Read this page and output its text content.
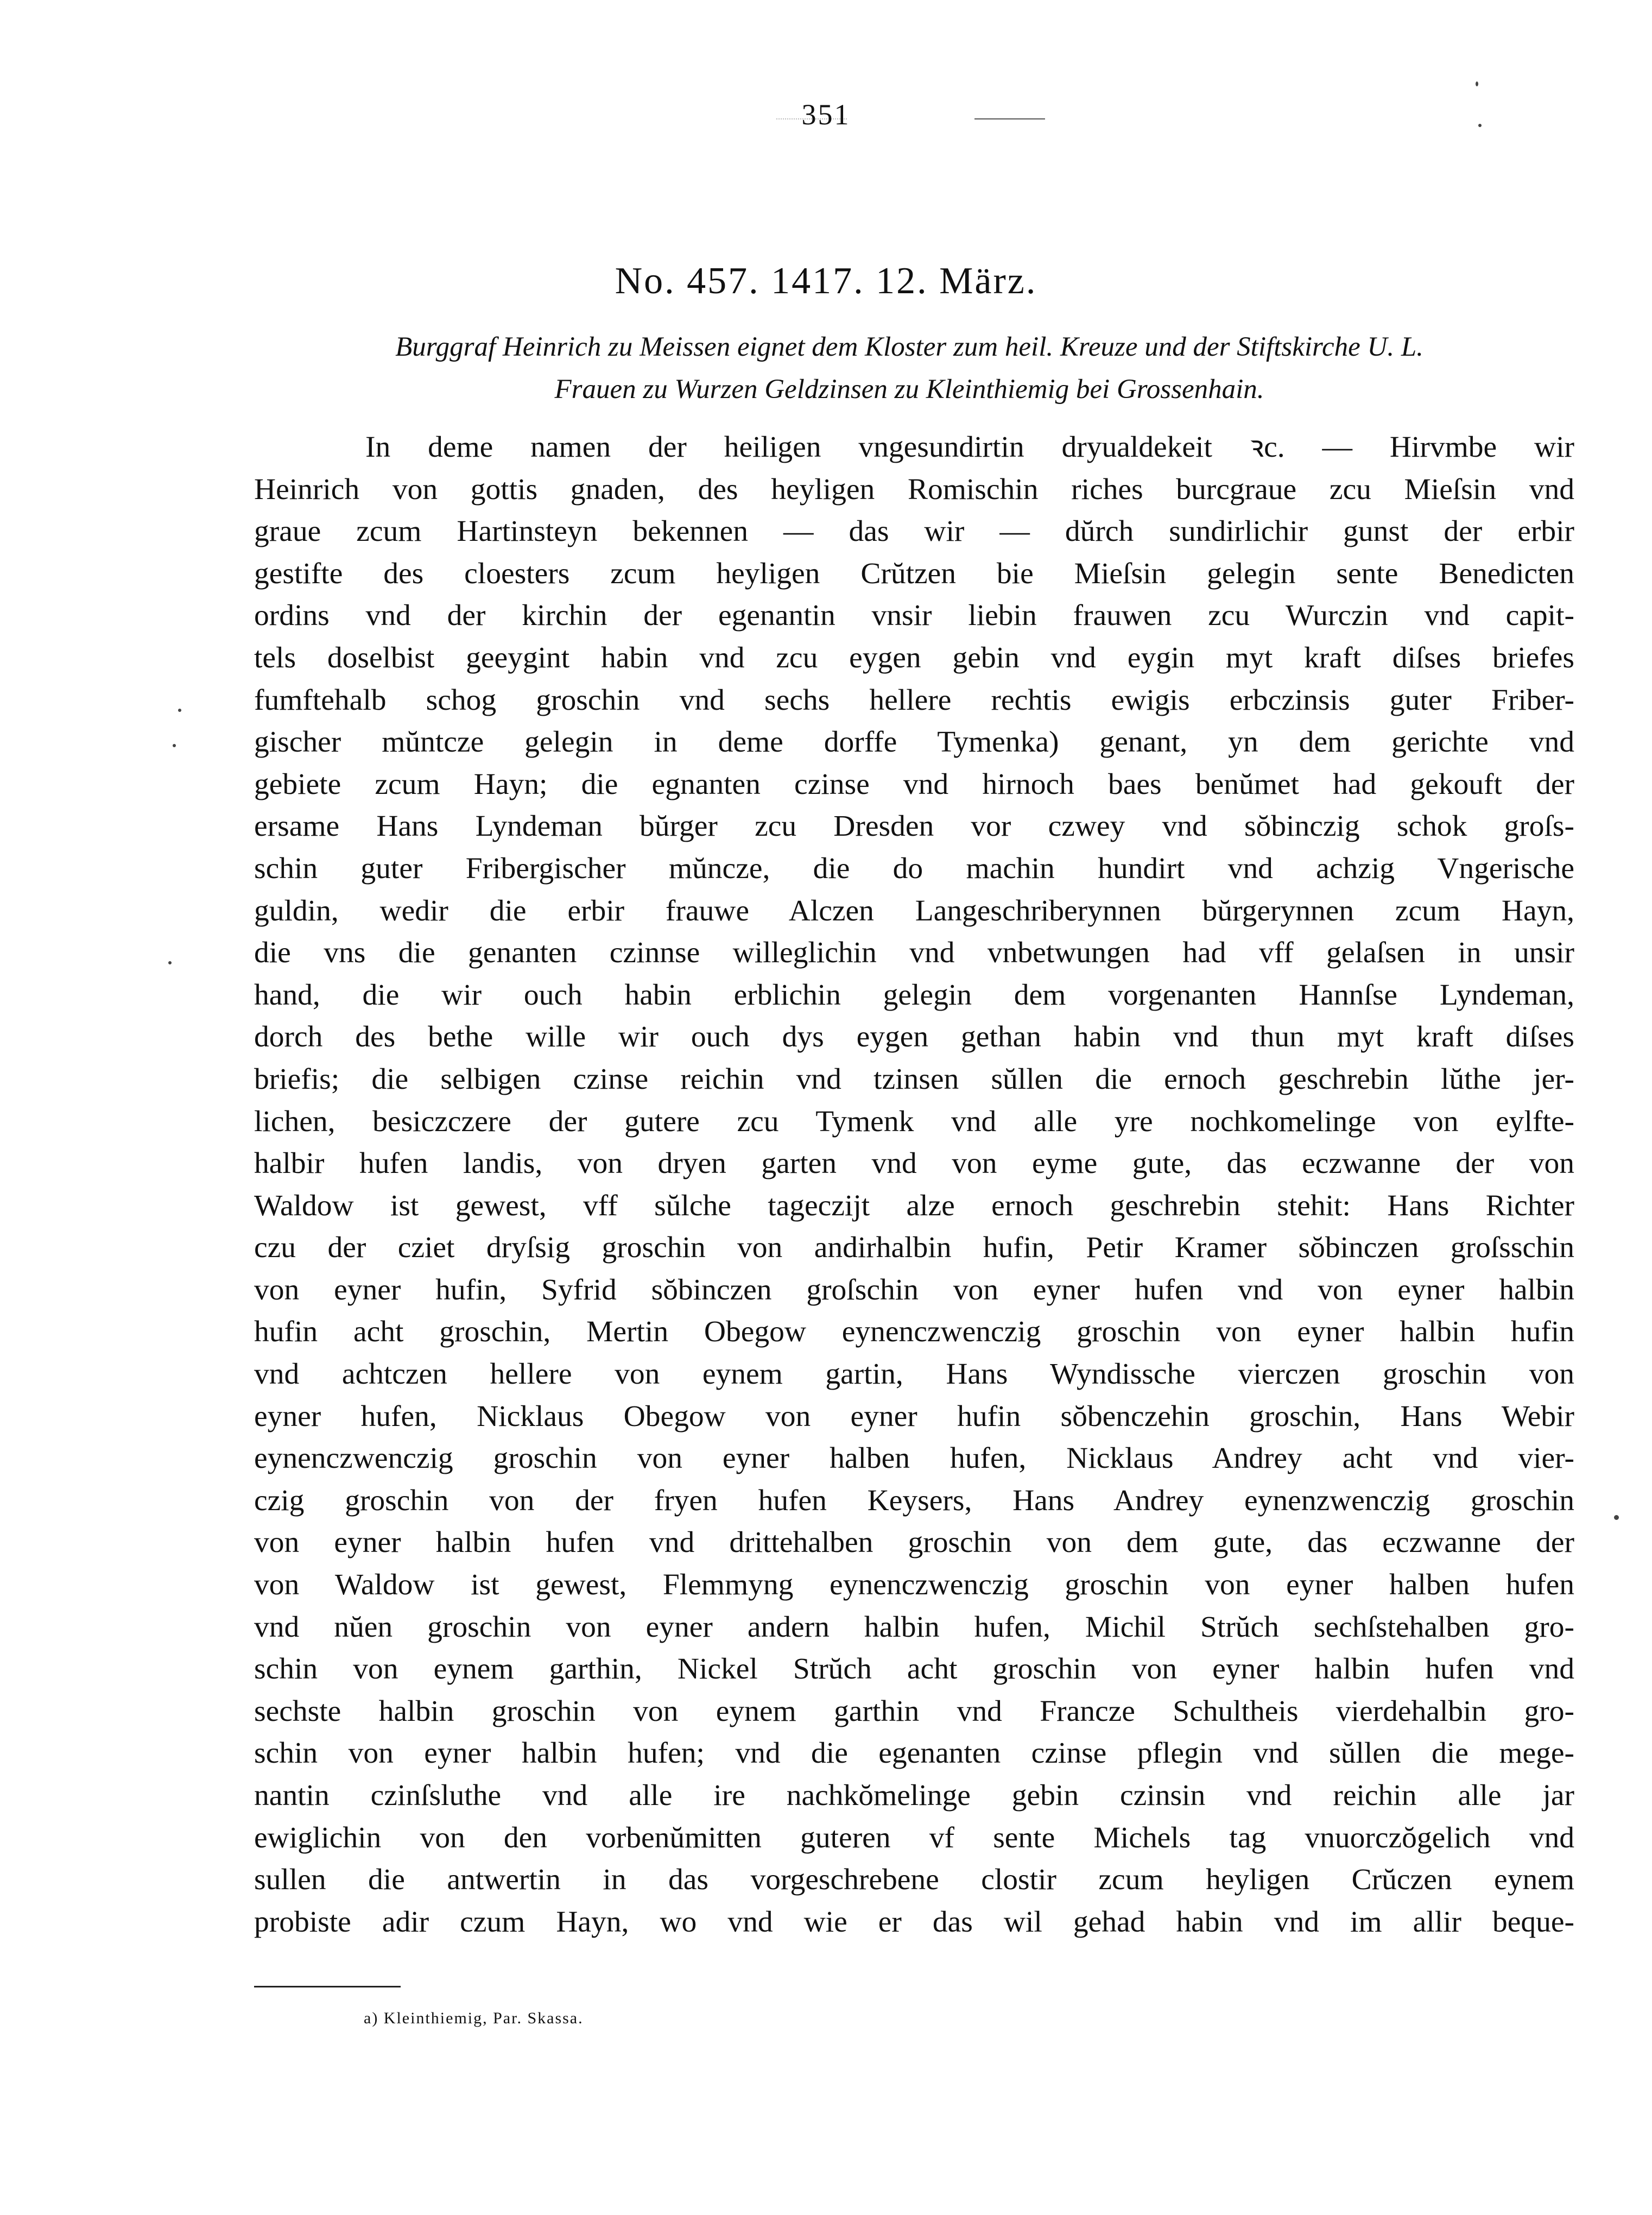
351
No. 457. 1417. 12. März.
Burggraf Heinrich zu Meissen eignet dem Kloster zum heil. Kreuze und der Stiftskirche U. L.
Frauen zu Wurzen Geldzinsen zu Kleinthiemig bei Grossenhain.
In deme namen der heiligen vngesundirtin dryualdekeit ꝛc. — Hirvmbe wir
Heinrich von gottis gnaden, des heyligen Romischin riches burcgraue zcu Mieſsin vnd
graue zcum Hartinsteyn bekennen — das wir — dŭrch sundirlichir gunst der erbir
gestifte des cloesters zcum heyligen Crŭtzen bie Mieſsin gelegin sente Benedicten
ordins vnd der kirchin der egenantin vnsir liebin frauwen zcu Wurczin vnd capit-
tels doselbist geeygint habin vnd zcu eygen gebin vnd eygin myt kraft diſses briefes
fumftehalb schog groschin vnd sechs hellere rechtis ewigis erbczinsis guter Friber-
gischer mŭntcze gelegin in deme dorffe Tymenka) genant, yn dem gerichte vnd
gebiete zcum Hayn; die egnanten czinse vnd hirnoch baes benŭmet had gekouft der
ersame Hans Lyndeman bŭrger zcu Dresden vor czwey vnd sŏbinczig schok groſs-
schin guter Fribergischer mŭncze, die do machin hundirt vnd achzig Vngerische
guldin, wedir die erbir frauwe Alczen Langeschriberynnen bŭrgerynnen zcum Hayn,
die vns die genanten czinnse willeglichin vnd vnbetwungen had vff gelaſsen in unsir
hand, die wir ouch habin erblichin gelegin dem vorgenanten Hannſse Lyndeman,
dorch des bethe wille wir ouch dys eygen gethan habin vnd thun myt kraft diſses
briefis; die selbigen czinse reichin vnd tzinsen sŭllen die ernoch geschrebin lŭthe jer-
lichen, besiczczere der gutere zcu Tymenk vnd alle yre nochkomelinge von eylfte-
halbir hufen landis, von dryen garten vnd von eyme gute, das eczwanne der von
Waldow ist gewest, vff sŭlche tageczijt alze ernoch geschrebin stehit: Hans Richter
czu der cziet dryſsig groschin von andirhalbin hufin, Petir Kramer sŏbinczen groſsschin
von eyner hufin, Syfrid sŏbinczen groſschin von eyner hufen vnd von eyner halbin
hufin acht groschin, Mertin Obegow eynenczwenczig groschin von eyner halbin hufin
vnd achtczen hellere von eynem gartin, Hans Wyndissche vierczen groschin von
eyner hufen, Nicklaus Obegow von eyner hufin sŏbenczehin groschin, Hans Webir
eynenczwenczig groschin von eyner halben hufen, Nicklaus Andrey acht vnd vier-
czig groschin von der fryen hufen Keysers, Hans Andrey eynenzwenczig groschin
von eyner halbin hufen vnd drittehalben groschin von dem gute, das eczwanne der
von Waldow ist gewest, Flemmyng eynenczwenczig groschin von eyner halben hufen
vnd nŭen groschin von eyner andern halbin hufen, Michil Strŭch sechſstehalben gro-
schin von eynem garthin, Nickel Strŭch acht groschin von eyner halbin hufen vnd
sechste halbin groschin von eynem garthin vnd Francze Schultheis vierdehalbin gro-
schin von eyner halbin hufen; vnd die egenanten czinse pflegin vnd sŭllen die mege-
nantin czinſsluthe vnd alle ire nachkŏmelinge gebin czinsin vnd reichin alle jar
ewiglichin von den vorbenŭmitten guteren vf sente Michels tag vnuorczŏgelich vnd
sullen die antwertin in das vorgeschrebene clostir zcum heyligen Crŭczen eynem
probiste adir czum Hayn, wo vnd wie er das wil gehad habin vnd im allir beque-
a) Kleinthiemig, Par. Skassa.
